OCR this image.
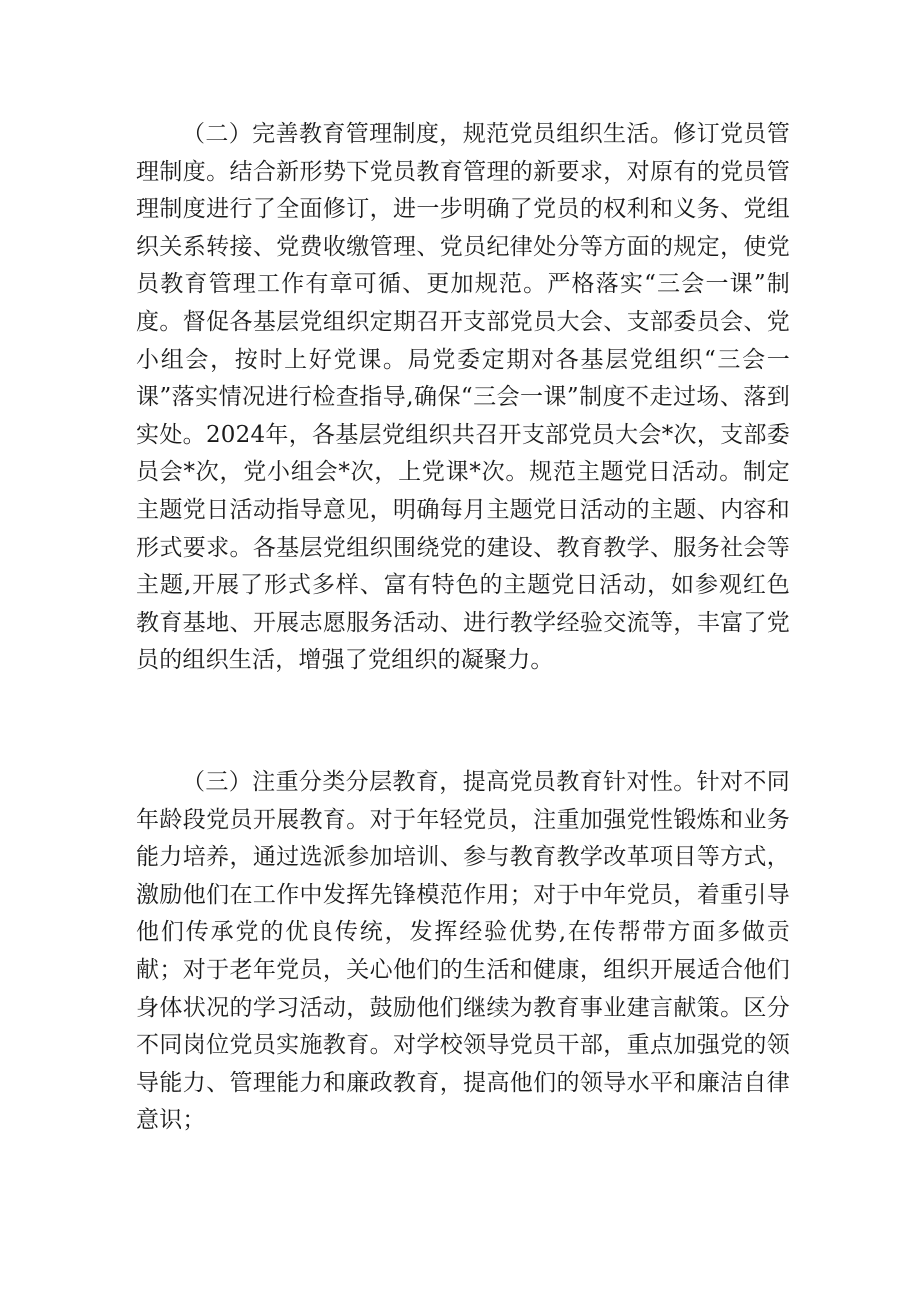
（二）完善教育管理制度，规范党员组织生活。修订党员管理制度。结合新形势下党员教育管理的新要求，对原有的党员管理制度进行了全面修订，进一步明确了党员的权利和义务、党组织关系转接、党费收缴管理、党员纪律处分等方面的规定，使党员教育管理工作有章可循、更加规范。严格落实“三会一课”制度。督促各基层党组织定期召开支部党员大会、支部委员会、党小组会，按时上好党课。局党委定期对各基层党组织“三会一课”落实情况进行检查指导,确保“三会一课”制度不走过场、落到实处。2024年，各基层党组织共召开支部党员大会*次，支部委员会*次，党小组会*次，上党课*次。规范主题党日活动。制定主题党日活动指导意见，明确每月主题党日活动的主题、内容和形式要求。各基层党组织围绕党的建设、教育教学、服务社会等主题,开展了形式多样、富有特色的主题党日活动，如参观红色教育基地、开展志愿服务活动、进行教学经验交流等，丰富了党员的组织生活，增强了党组织的凝聚力。

（三）注重分类分层教育，提高党员教育针对性。针对不同年龄段党员开展教育。对于年轻党员，注重加强党性锻炼和业务能力培养，通过选派参加培训、参与教育教学改革项目等方式，激励他们在工作中发挥先锋模范作用；对于中年党员，着重引导他们传承党的优良传统，发挥经验优势,在传帮带方面多做贡献；对于老年党员，关心他们的生活和健康，组织开展适合他们身体状况的学习活动，鼓励他们继续为教育事业建言献策。区分不同岗位党员实施教育。对学校领导党员干部，重点加强党的领导能力、管理能力和廉政教育，提高他们的领导水平和廉洁自律意识；
